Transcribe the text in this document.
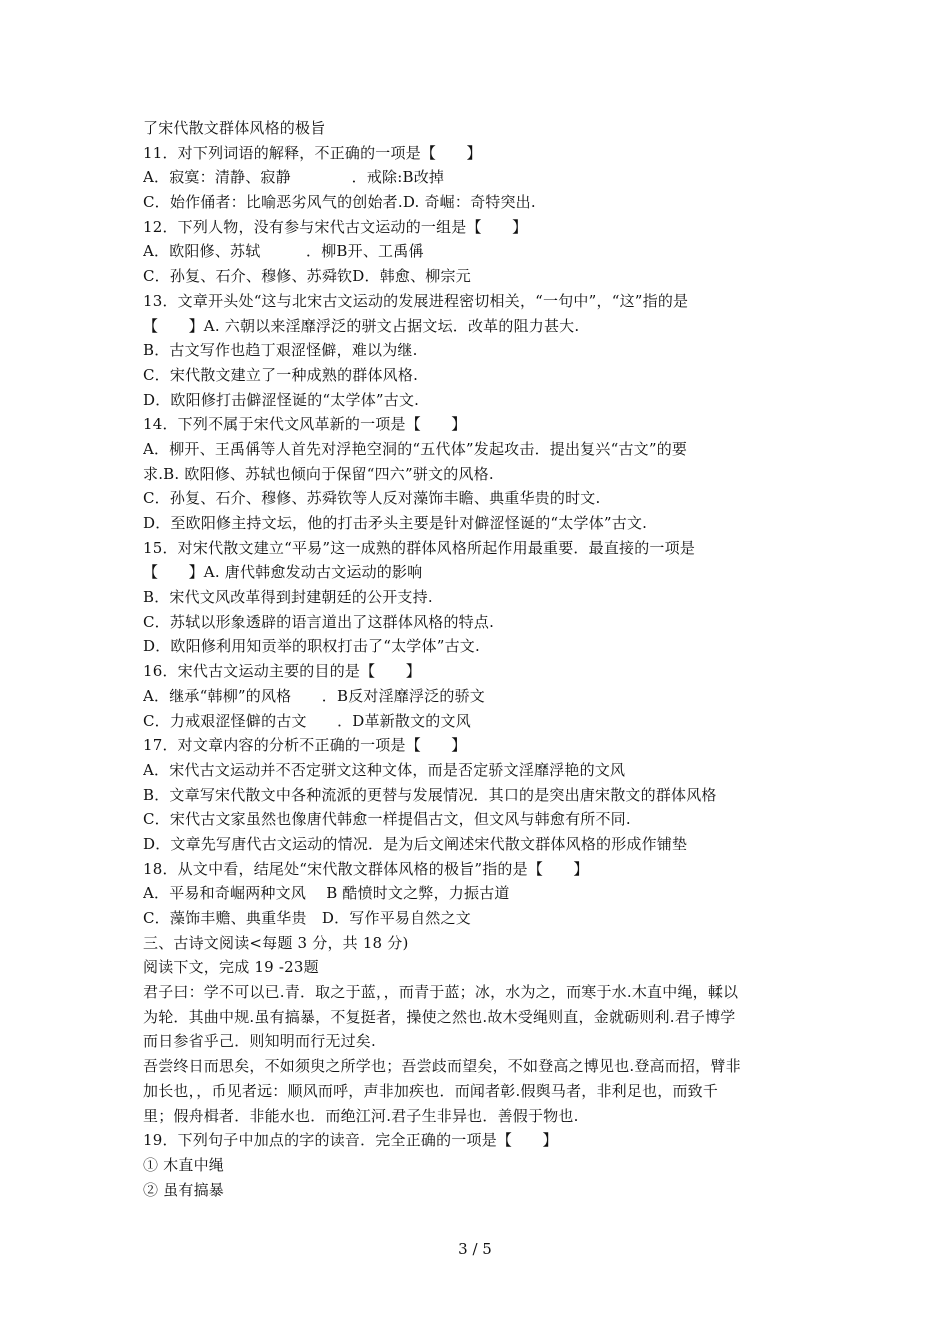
了宋代散文群体风格的极旨
11．对下列词语的解释，不正确的一项是【　　】
A．寂寞：清静、寂静　　　　．戒除:B改掉
C．始作俑者：比喻恶劣风气的创始者.D. 奇崛：奇特突出.
12．下列人物，没有参与宋代古文运动的一组是【　　】
A．欧阳修、苏轼　　　．柳B开、工禹偁
C．孙复、石介、穆修、苏舜钦D．韩愈、柳宗元
13．文章开头处“这与北宋古文运动的发展进程密切相关，“一句中”，“这”指的是
【　　】A. 六朝以来淫靡浮泛的骈文占据文坛．改革的阻力甚大.
B．古文写作也趋丁艰涩怪僻，难以为继.
C．宋代散文建立了一种成熟的群体风格.
D．欧阳修打击僻涩怪诞的“太学体”古文.
14．下列不属于宋代文风革新的一项是【　　】
A．柳开、王禹偁等人首先对浮艳空洞的“五代体”发起攻击．提出复兴“古文”的要
求.B. 欧阳修、苏轼也倾向于保留“四六”骈文的风格.
C．孙复、石介、穆修、苏舜钦等人反对藻饰丰瞻、典重华贵的时文.
D．至欧阳修主持文坛，他的打击矛头主要是针对僻涩怪诞的“太学体”古文.
15．对宋代散文建立“平易”这一成熟的群体风格所起作用最重要．最直接的一项是
【　　】A. 唐代韩愈发动古文运动的影响
B．宋代文风改革得到封建朝廷的公开支持.
C．苏轼以形象透辟的语言道出了这群体风格的特点.
D．欧阳修利用知贡举的职权打击了“太学体”古文.
16．宋代古文运动主要的目的是【　　】
A．继承“韩柳”的风格　　．B反对淫靡浮泛的骄文
C．力戒艰涩怪僻的古文　　．D革新散文的文风
17．对文章内容的分析不正确的一项是【　　】
A．宋代古文运动并不否定骈文这种文体，而是否定骄文淫靡浮艳的文风
B．文章写宋代散文中各种流派的更替与发展情况．其口的是突出唐宋散文的群体风格
C．宋代古文家虽然也像唐代韩愈一样提倡古文，但文风与韩愈有所不同.
D．文章先写唐代古文运动的情况．是为后文阐述宋代散文群体风格的形成作铺垫
18．从文中看，结尾处“宋代散文群体风格的极旨”指的是【　　】
A．平易和奇崛两种文风　 B 酷愤时文之弊，力振古道
C．藻饰丰赡、典重华贵　D．写作平易自然之文
三、古诗文阅读<每题 3 分，共 18 分)
阅读下文，完成 19 -23题
君子曰：学不可以已.青．取之于蓝，，而青于蓝；冰，水为之，而寒于水.木直中绳，輮以
为轮．其曲中规.虽有搞暴，不复挺者，操使之然也.故木受绳则直，金就砺则利.君子博学
而日参省乎己．则知明而行无过矣.
吾尝终日而思矣，不如须臾之所学也；吾尝歧而望矣，不如登高之博见也.登高而招，臂非
加长也，，币见者远：顺风而呼，声非加疾也．而闻者彰.假舆马者，非利足也，而致千
里；假舟楫者．非能水也．而绝江河.君子生非异也．善假于物也.
19．下列句子中加点的字的读音．完全正确的一项是【　　】
① 木直中绳
② 虽有搞暴
3 / 5
